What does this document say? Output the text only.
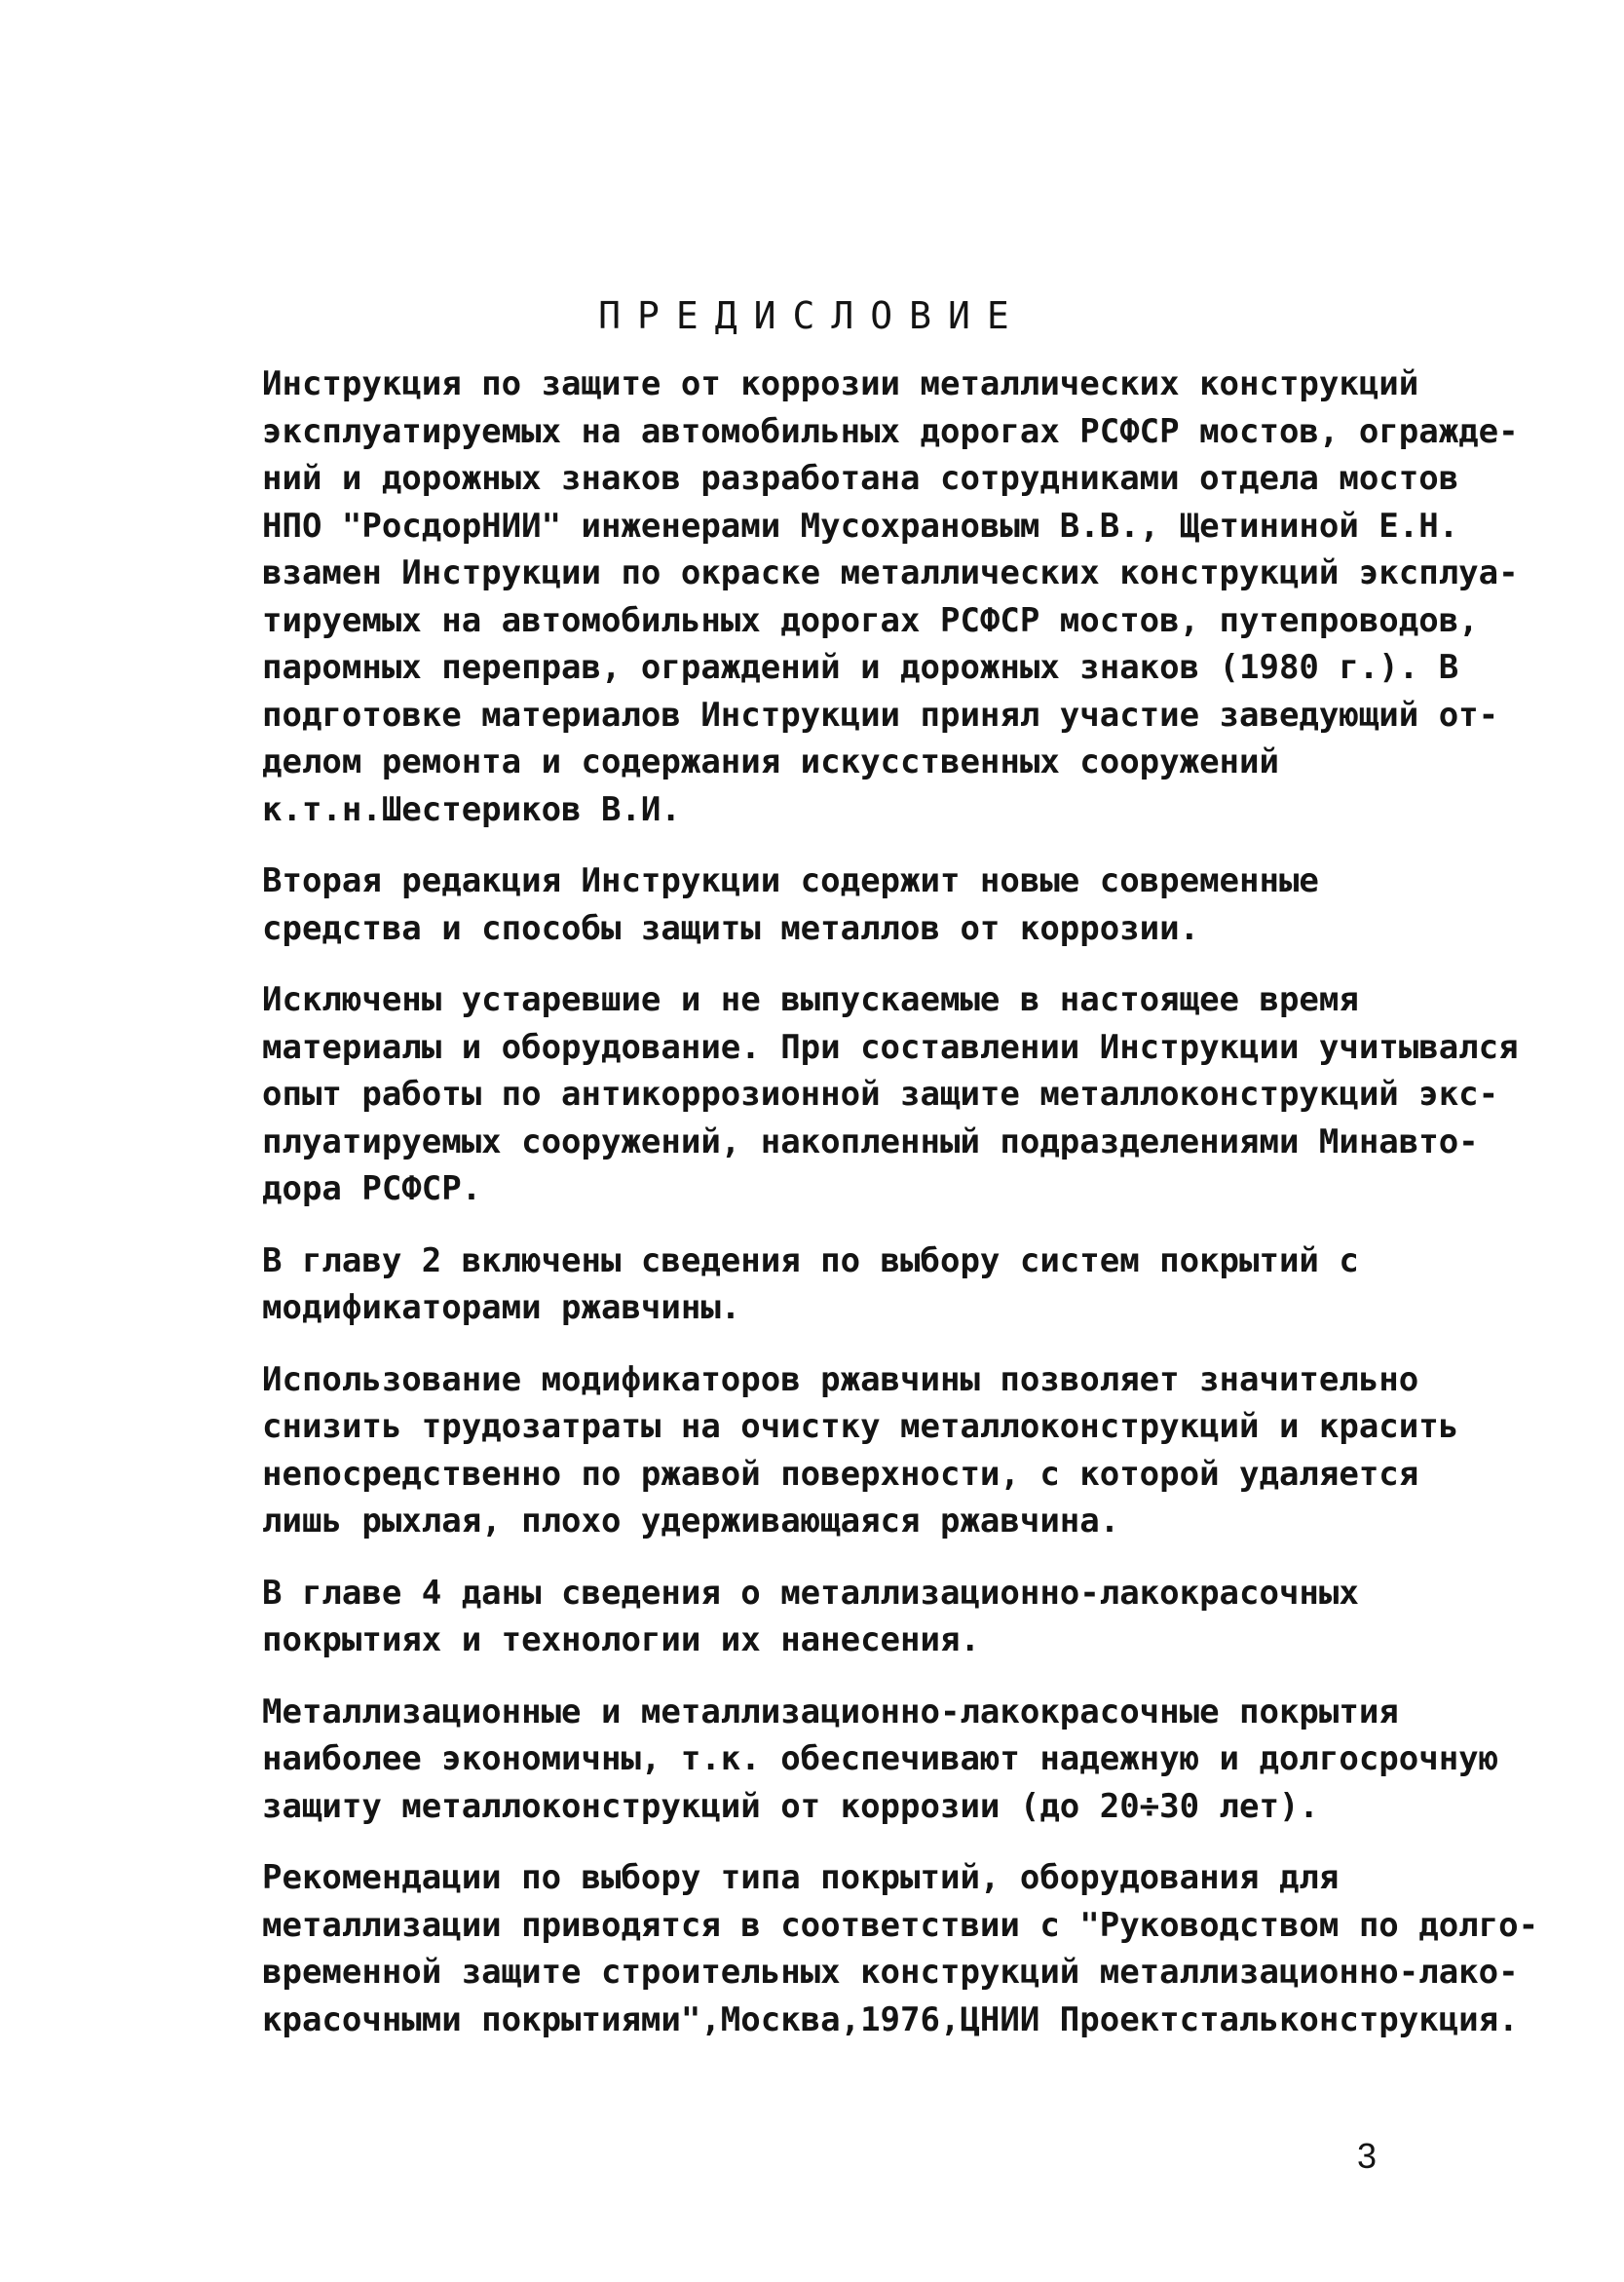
ПРЕДИСЛОВИЕ
Инструкция по защите от коррозии металлических конструкций
эксплуатируемых на автомобильных дорогах РСФСР мостов, огражде-
ний и дорожных знаков разработана сотрудниками отдела мостов
НПО "РосдорНИИ" инженерами Мусохрановым В.В., Щетининой Е.Н.
взамен Инструкции по окраске металлических конструкций эксплуа-
тируемых на автомобильных дорогах РСФСР мостов, путепроводов,
паромных переправ, ограждений и дорожных знаков (1980 г.). В
подготовке материалов Инструкции принял участие заведующий от-
делом ремонта и содержания искусственных сооружений
к.т.н.Шестериков В.И.
Вторая редакция Инструкции содержит новые современные
средства и способы защиты металлов от коррозии.
Исключены устаревшие и не выпускаемые в настоящее время
материалы и оборудование. При составлении Инструкции учитывался
опыт работы по антикоррозионной защите металлоконструкций экс-
плуатируемых сооружений, накопленный подразделениями Минавто-
дора РСФСР.
В главу 2 включены сведения по выбору систем покрытий с
модификаторами ржавчины.
Использование модификаторов ржавчины позволяет значительно
снизить трудозатраты на очистку металлоконструкций и красить
непосредственно по ржавой поверхности, с которой удаляется
лишь рыхлая, плохо удерживающаяся ржавчина.
В главе 4 даны сведения о металлизационно-лакокрасочных
покрытиях и технологии их нанесения.
Металлизационные и металлизационно-лакокрасочные покрытия
наиболее экономичны, т.к. обеспечивают надежную и долгосрочную
защиту металлоконструкций от коррозии (до 20÷30 лет).
Рекомендации по выбору типа покрытий, оборудования для
металлизации приводятся в соответствии с "Руководством по долго-
временной защите строительных конструкций металлизационно-лако-
красочными покрытиями",Москва,1976,ЦНИИ Проектстальконструкция.
3
